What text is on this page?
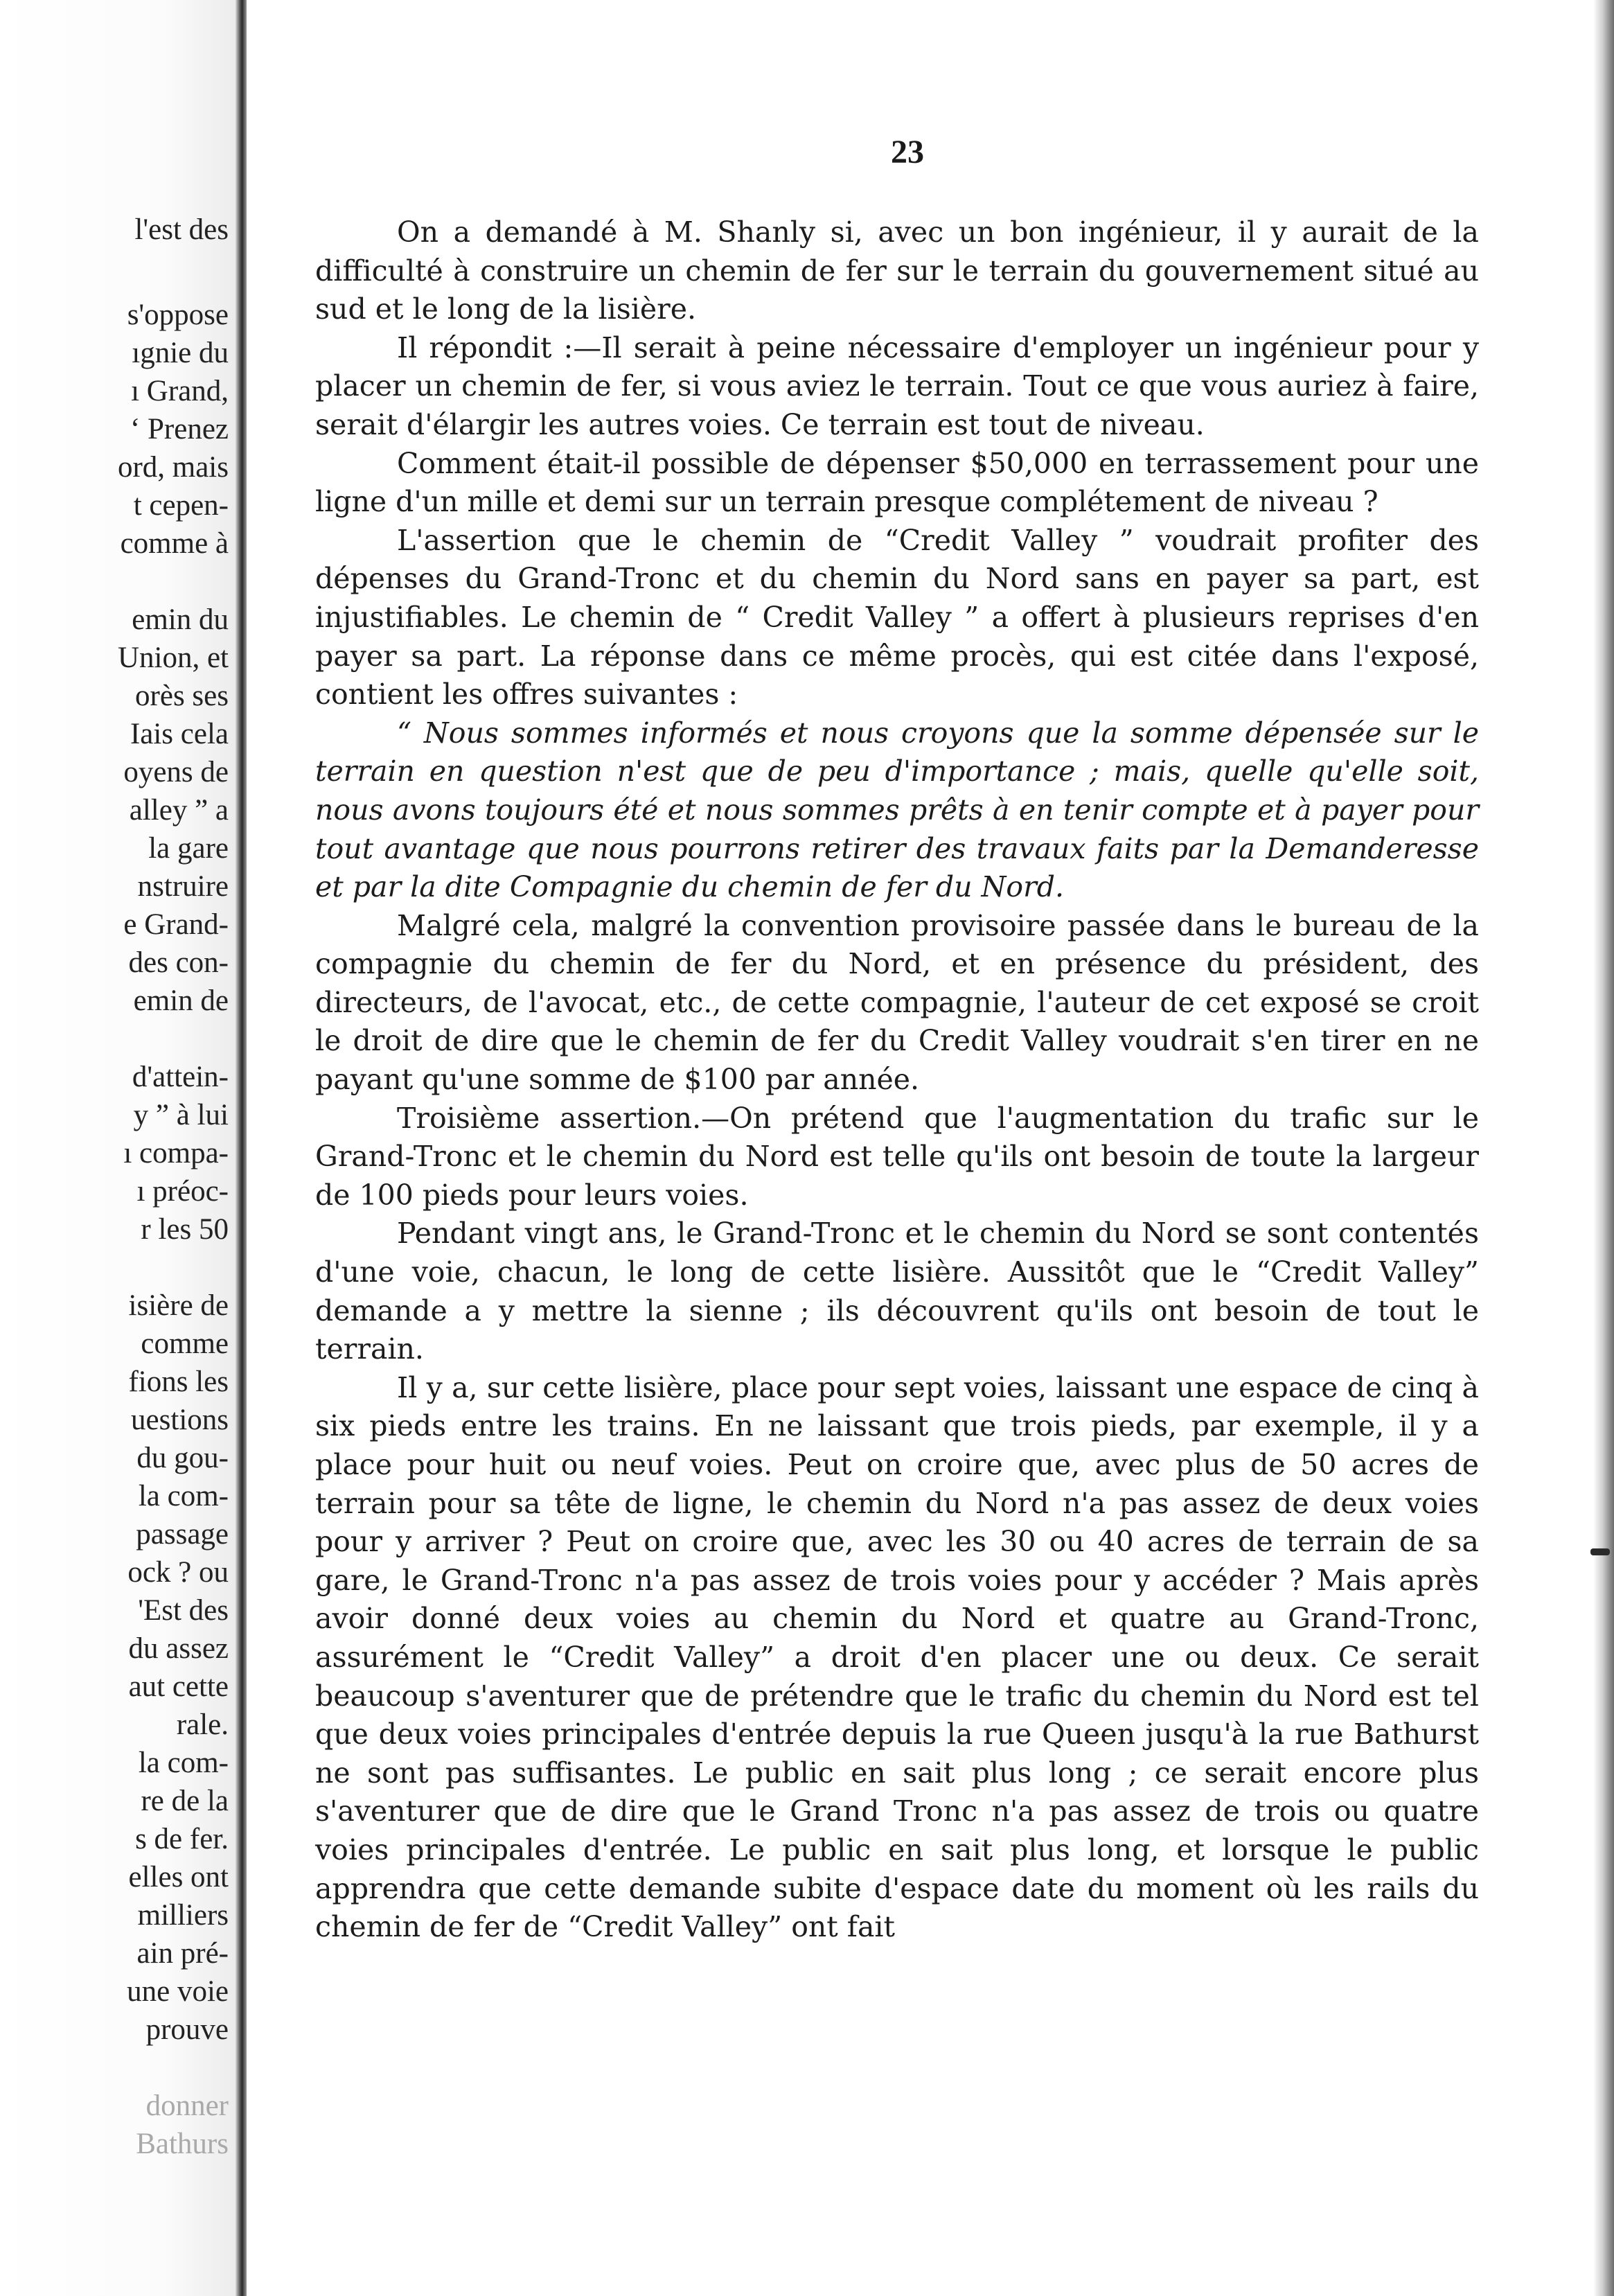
l'est des
s'oppose
ıgnie du
ı Grand,
‘ Prenez
ord, mais
t cepen-
comme à
emin du
Union, et
orès ses
Iais cela
oyens de
alley ” a
la gare
nstruire
e Grand-
des con-
emin de
d'attein-
y ” à lui
ı compa-
ı préoc-
r les 50
isière de
comme
fions les
uestions
du gou-
la com-
passage
ock ? ou
'Est des
du assez
aut cette
rale.
la com-
re de la
s de fer.
elles ont
milliers
ain pré-
une voie
prouve
donner
Bathurs
23

On a demandé à M. Shanly si, avec un bon ingénieur, il y aurait de la difficulté à construire un chemin de fer sur le terrain du gouvernement situé au sud et le long de la lisière.

Il répondit :—Il serait à peine nécessaire d'employer un ingénieur pour y placer un chemin de fer, si vous aviez le terrain. Tout ce que vous auriez à faire, serait d'élargir les autres voies. Ce terrain est tout de niveau.

Comment était-il possible de dépenser $50,000 en terrassement pour une ligne d'un mille et demi sur un terrain presque complétement de niveau ?

L'assertion que le chemin de “Credit Valley ” voudrait profiter des dépenses du Grand-Tronc et du chemin du Nord sans en payer sa part, est injustifiables. Le chemin de “ Credit Valley ” a offert à plusieurs reprises d'en payer sa part. La réponse dans ce même procès, qui est citée dans l'exposé, contient les offres suivantes :

“ Nous sommes informés et nous croyons que la somme dépensée sur le terrain en question n'est que de peu d'importance ; mais, quelle qu'elle soit, nous avons toujours été et nous sommes prêts à en tenir compte et à payer pour tout avantage que nous pourrons retirer des travaux faits par la Demanderesse et par la dite Compagnie du chemin de fer du Nord.

Malgré cela, malgré la convention provisoire passée dans le bureau de la compagnie du chemin de fer du Nord, et en présence du président, des directeurs, de l'avocat, etc., de cette compagnie, l'auteur de cet exposé se croit le droit de dire que le chemin de fer du Credit Valley voudrait s'en tirer en ne payant qu'une somme de $100 par année.

Troisième assertion.—On prétend que l'augmentation du trafic sur le Grand-Tronc et le chemin du Nord est telle qu'ils ont besoin de toute la largeur de 100 pieds pour leurs voies.

Pendant vingt ans, le Grand-Tronc et le chemin du Nord se sont contentés d'une voie, chacun, le long de cette lisière. Aussitôt que le “Credit Valley” demande a y mettre la sienne ; ils découvrent qu'ils ont besoin de tout le terrain.

Il y a, sur cette lisière, place pour sept voies, laissant une espace de cinq à six pieds entre les trains. En ne laissant que trois pieds, par exemple, il y a place pour huit ou neuf voies. Peut on croire que, avec plus de 50 acres de terrain pour sa tête de ligne, le chemin du Nord n'a pas assez de deux voies pour y arriver ? Peut on croire que, avec les 30 ou 40 acres de terrain de sa gare, le Grand-Tronc n'a pas assez de trois voies pour y accéder ? Mais après avoir donné deux voies au chemin du Nord et quatre au Grand-Tronc, assurément le “Credit Valley” a droit d'en placer une ou deux. Ce serait beaucoup s'aventurer que de prétendre que le trafic du chemin du Nord est tel que deux voies principales d'entrée depuis la rue Queen jusqu'à la rue Bathurst ne sont pas suffisantes. Le public en sait plus long ; ce serait encore plus s'aventurer que de dire que le Grand Tronc n'a pas assez de trois ou quatre voies principales d'entrée. Le public en sait plus long, et lorsque le public apprendra que cette demande subite d'espace date du moment où les rails du chemin de fer de “Credit Valley” ont fait
